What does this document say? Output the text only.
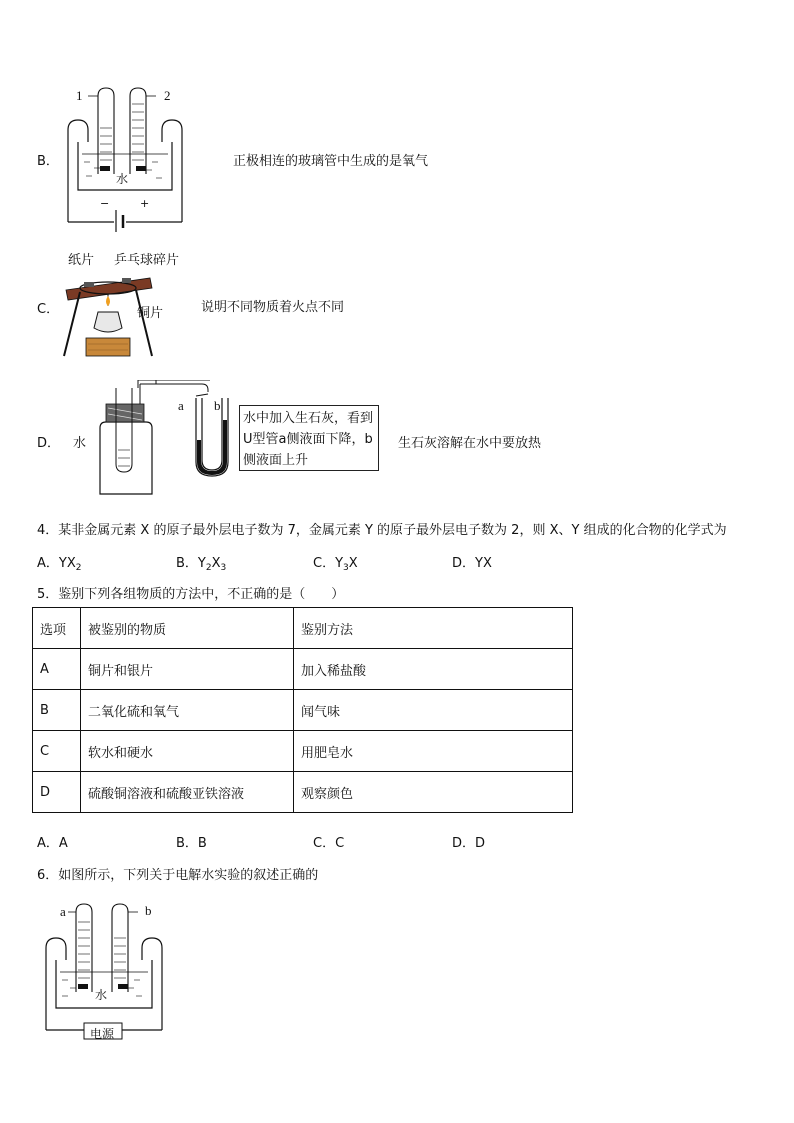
B．
1	2
水
−	+
正极相连的玻璃管中生成的是氧气
C．
纸片 乒乓球碎片
铜片	说明不同物质着火点不同
D． 水
a b
水中加入生石灰，看到U型管a侧液面下降，b侧液面上升
生石灰溶解在水中要放热
4．某非金属元素 X 的原子最外层电子数为 7，金属元素 Y 的原子最外层电子数为 2，则 X、Y 组成的化合物的化学式为
A．$YX_2$	B．$Y_2X_3$	C．$Y_3X$	D．YX
5．鉴别下列各组物质的方法中，不正确的是（　　）
选项	被鉴别的物质	鉴别方法
A	铜片和银片	加入稀盐酸
B	二氧化硫和氧气	闻气味
C	软水和硬水	用肥皂水
D	硫酸铜溶液和硫酸亚铁溶液	观察颜色
A．A	B．B	C．C	D．D
6．如图所示，下列关于电解水实验的叙述正确的
a	b
水
电源
